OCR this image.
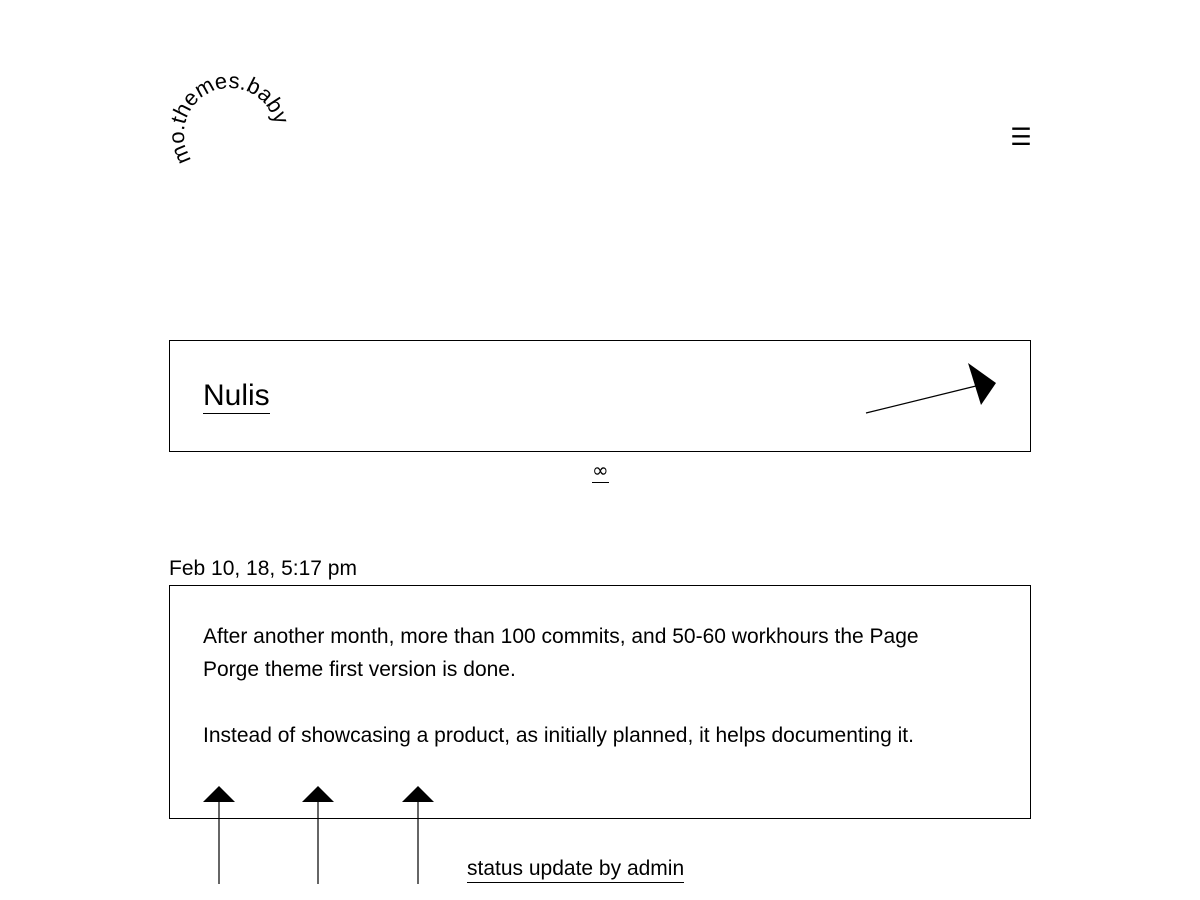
mo.themes.baby
☰
Nulis
∞
Feb 10, 18, 5:17 pm

After another month, more than 100 commits, and 50-60 workhours the Page Porge theme first version is done.

Instead of showcasing a product, as initially planned, it helps documenting it.

status update by admin
